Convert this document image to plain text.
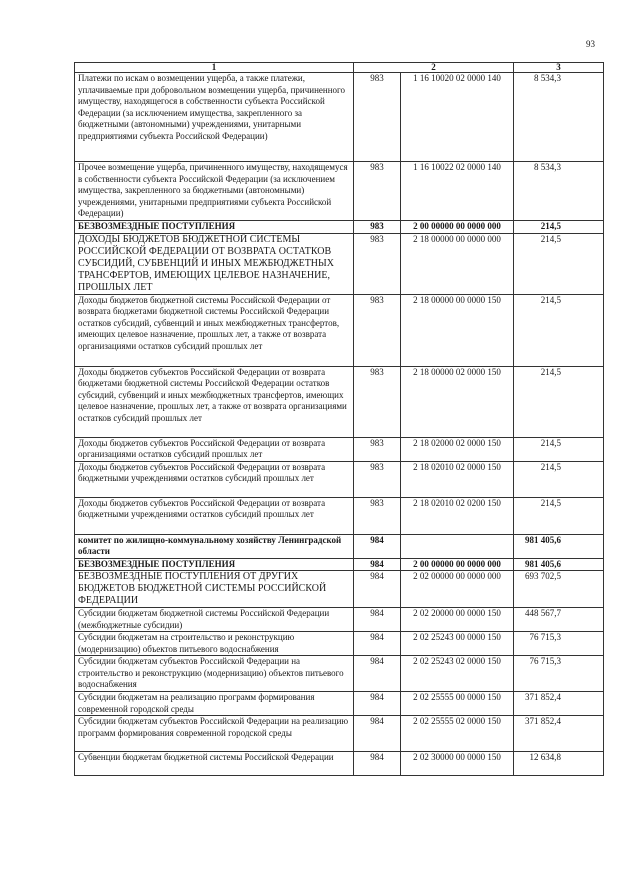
93
1	2		3
Платежи по искам о возмещении ущерба, а также платежи, уплачиваемые при добровольном возмещении ущерба, причиненного имуществу, находящегося в собственности субъекта Российской Федерации (за исключением имущества, закрепленного за бюджетными (автономными) учреждениями, унитарными предприятиями субъекта Российской Федерации)	983	1 16 10020 02 0000 140	8 534,3
Прочее возмещение ущерба, причиненного имуществу, находящемуся в собственности субъекта Российской Федерации (за исключением имущества, закрепленного за бюджетными (автономными) учреждениями, унитарными предприятиями субъекта Российской Федерации)	983	1 16 10022 02 0000 140	8 534,3
БЕЗВОЗМЕЗДНЫЕ ПОСТУПЛЕНИЯ	983	2 00 00000 00 0000 000	214,5
ДОХОДЫ БЮДЖЕТОВ БЮДЖЕТНОЙ СИСТЕМЫ РОССИЙСКОЙ ФЕДЕРАЦИИ ОТ ВОЗВРАТА ОСТАТКОВ СУБСИДИЙ, СУБВЕНЦИЙ И ИНЫХ МЕЖБЮДЖЕТНЫХ ТРАНСФЕРТОВ, ИМЕЮЩИХ ЦЕЛЕВОЕ НАЗНАЧЕНИЕ, ПРОШЛЫХ ЛЕТ	983	2 18 00000 00 0000 000	214,5
Доходы бюджетов бюджетной системы Российской Федерации от возврата бюджетами бюджетной системы Российской Федерации остатков субсидий, субвенций и иных межбюджетных трансфертов, имеющих целевое назначение, прошлых лет, а также от возврата организациями остатков субсидий прошлых лет	983	2 18 00000 00 0000 150	214,5
Доходы бюджетов субъектов Российской Федерации от возврата бюджетами бюджетной системы Российской Федерации остатков субсидий, субвенций и иных межбюджетных трансфертов, имеющих целевое назначение, прошлых лет, а также от возврата организациями остатков субсидий прошлых лет	983	2 18 00000 02 0000 150	214,5
Доходы бюджетов субъектов Российской Федерации от возврата организациями остатков субсидий прошлых лет	983	2 18 02000 02 0000 150	214,5
Доходы бюджетов субъектов Российской Федерации от возврата бюджетными учреждениями остатков субсидий прошлых лет	983	2 18 02010 02 0000 150	214,5
Доходы бюджетов субъектов Российской Федерации от возврата бюджетными учреждениями остатков субсидий прошлых лет	983	2 18 02010 02 0200 150	214,5
комитет по жилищно-коммунальному хозяйству Ленинградской области	984		981 405,6
БЕЗВОЗМЕЗДНЫЕ ПОСТУПЛЕНИЯ	984	2 00 00000 00 0000 000	981 405,6
БЕЗВОЗМЕЗДНЫЕ ПОСТУПЛЕНИЯ ОТ ДРУГИХ БЮДЖЕТОВ БЮДЖЕТНОЙ СИСТЕМЫ РОССИЙСКОЙ ФЕДЕРАЦИИ	984	2 02 00000 00 0000 000	693 702,5
Субсидии бюджетам бюджетной системы Российской Федерации (межбюджетные субсидии)	984	2 02 20000 00 0000 150	448 567,7
Субсидии бюджетам на строительство и реконструкцию (модернизацию) объектов питьевого водоснабжения	984	2 02 25243 00 0000 150	76 715,3
Субсидии бюджетам субъектов Российской Федерации на строительство и реконструкцию (модернизацию) объектов питьевого водоснабжения	984	2 02 25243 02 0000 150	76 715,3
Субсидии бюджетам на реализацию программ формирования современной городской среды	984	2 02 25555 00 0000 150	371 852,4
Субсидии бюджетам субъектов Российской Федерации на реализацию программ формирования современной городской среды	984	2 02 25555 02 0000 150	371 852,4
Субвенции бюджетам бюджетной системы Российской Федерации	984	2 02 30000 00 0000 150	12 634,8
